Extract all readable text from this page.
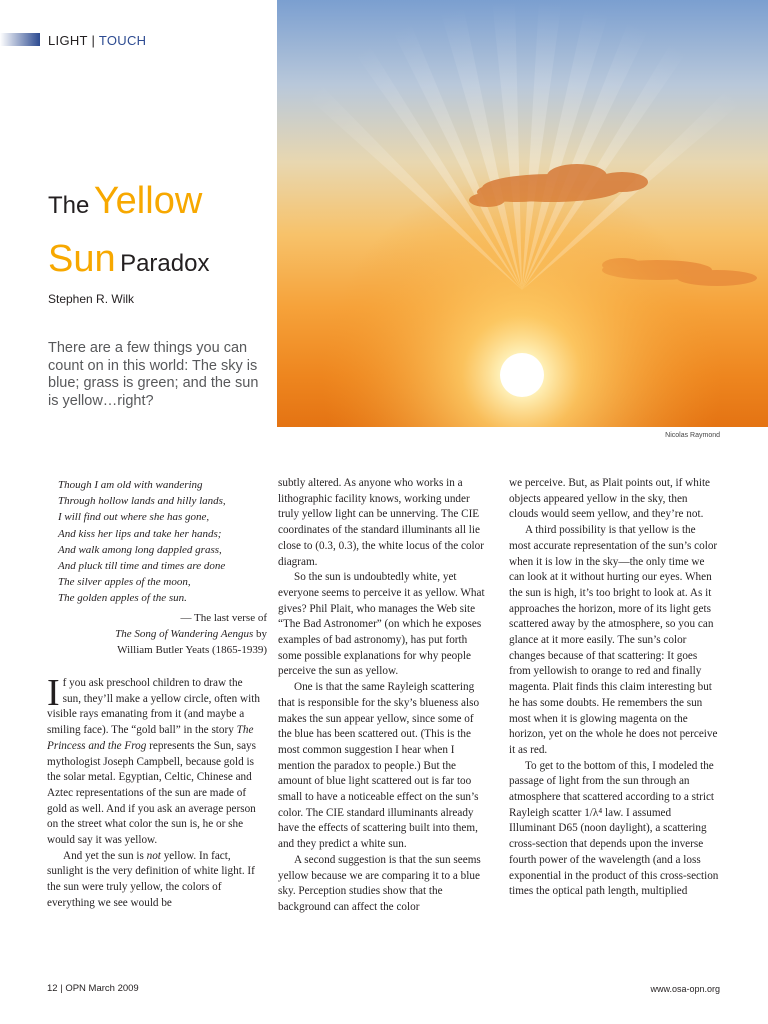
LIGHT | TOUCH
Nicolas Raymond
The Yellow
Sun Paradox
Stephen R. Wilk
There are a few things you can count on in this world: The sky is blue; grass is green; and the sun is yellow…right?
Though I am old with wandering
Through hollow lands and hilly lands,
I will find out where she has gone,
And kiss her lips and take her hands;
And walk among long dappled grass,
And pluck till time and times are done
The silver apples of the moon,
The golden apples of the sun.
— The last verse of
The Song of Wandering Aengus by
William Butler Yeats (1865-1939)

If you ask preschool children to draw the sun, they’ll make a yellow circle, often with visible rays emanating from it (and maybe a smiling face). The “gold ball” in the story The Princess and the Frog represents the Sun, says mythologist Joseph Campbell, because gold is the solar metal. Egyptian, Celtic, Chinese and Aztec representations of the sun are made of gold as well. And if you ask an average person on the street what color the sun is, he or she would say it was yellow.

And yet the sun is not yellow. In fact, sunlight is the very definition of white light. If the sun were truly yellow, the colors of everything we see would be

subtly altered. As anyone who works in a lithographic facility knows, working under truly yellow light can be unnerving. The CIE coordinates of the standard illuminants all lie close to (0.3, 0.3), the white locus of the color diagram.

So the sun is undoubtedly white, yet everyone seems to perceive it as yellow. What gives? Phil Plait, who manages the Web site “The Bad Astronomer” (on which he exposes examples of bad astronomy), has put forth some possible explanations for why people perceive the sun as yellow.

One is that the same Rayleigh scattering that is responsible for the sky’s blueness also makes the sun appear yellow, since some of the blue has been scattered out. (This is the most common suggestion I hear when I mention the paradox to people.) But the amount of blue light scattered out is far too small to have a noticeable effect on the sun’s color. The CIE standard illuminants already have the effects of scattering built into them, and they predict a white sun.

A second suggestion is that the sun seems yellow because we are comparing it to a blue sky. Perception studies show that the background can affect the color

we perceive. But, as Plait points out, if white objects appeared yellow in the sky, then clouds would seem yellow, and they’re not.

A third possibility is that yellow is the most accurate representation of the sun’s color when it is low in the sky—the only time we can look at it without hurting our eyes. When the sun is high, it’s too bright to look at. As it approaches the horizon, more of its light gets scattered away by the atmosphere, so you can glance at it more easily. The sun’s color changes because of that scattering: It goes from yellowish to orange to red and finally magenta. Plait finds this claim interesting but he has some doubts. He remembers the sun most when it is glowing magenta on the horizon, yet on the whole he does not perceive it as red.

To get to the bottom of this, I modeled the passage of light from the sun through an atmosphere that scattered according to a strict Rayleigh scatter 1/λ⁴ law. I assumed Illuminant D65 (noon daylight), a scattering cross-section that depends upon the inverse fourth power of the wavelength (and a loss exponential in the product of this cross-section times the optical path length, multiplied

12 | OPN March 2009	www.osa-opn.org
